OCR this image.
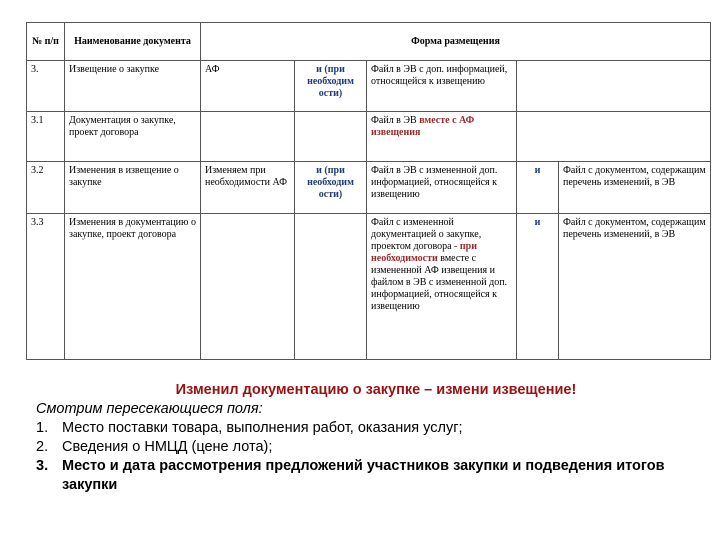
№ п/п	Наименование документа	Форма размещения				
3.	Извещение о закупке	АФ	и (при необходим ости)	Файл в ЭВ с доп. информацией, относящейся к извещению		
3.1	Документация о закупке, проект договора			Файл в ЭВ вместе с АФ извещения		
3.2	Изменения в извещение о закупке	Изменяем при необходимости АФ	и (при необходим ости)	Файл в ЭВ с измененной доп. информацией, относящейся к извещению	и	Файл с документом, содержащим перечень изменений, в ЭВ
3.3	Изменения в документацию о закупке, проект договора			Файл с измененной документацией о закупке, проектом договора - при необходимости вместе с измененной АФ извещения и файлом в ЭВ с измененной доп. информацией, относящейся к извещению	и	Файл с документом, содержащим перечень изменений, в ЭВ
Изменил документацию о закупке – измени извещение!
Смотрим пересекающиеся поля:
1. Место поставки товара, выполнения работ, оказания услуг;
2. Сведения о НМЦД (цене лота);
3. Место и дата рассмотрения предложений участников закупки и подведения итогов закупки
